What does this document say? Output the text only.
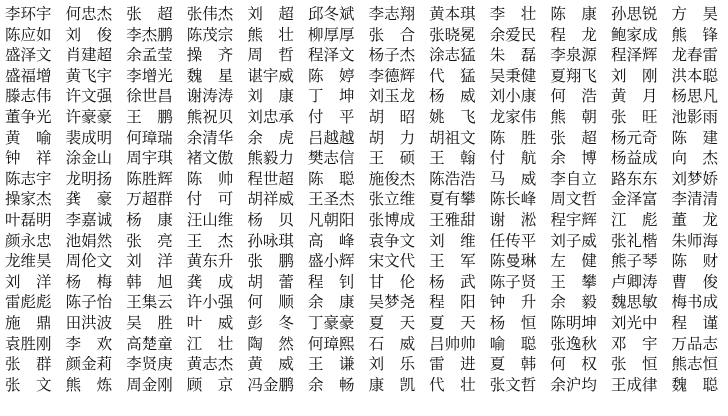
李环宇 何忠杰 张　超 张伟杰 刘　超 邱冬斌 李志翔 黄本琪 李　壮 陈　康 孙思锐 方　昊
陈应如 刘　俊 李杰鹏 陈茂宗 熊　壮 柳厚厚 张　合 张晓冕 余爱民 程　龙 鲍家成 熊　锋
盛泽文 肖建超 余孟莹 操　齐 周　哲 程泽文 杨子杰 涂志猛 朱　磊 李泉源 程泽辉 龙春雷
盛福增 黄飞宇 李增光 魏　星 谌宇威 陈　婷 李德辉 代　猛 吴秉健 夏翔飞 刘　刚 洪本聪
滕志伟 许文强 徐世昌 谢涛涛 刘　康 丁　坤 刘玉龙 杨　威 刘小康 何　浩 黄　月 杨思凡
董争光 许豪豪 王　鹏 熊祝贝 刘忠承 付　平 胡　昭 姚　飞 龙家伟 熊　朝 张　旺 池影雨
黄　喻 裴成明 何璋瑞 余清华 余　虎 吕越越 胡　力 胡祖文 陈　胜 张　超 杨元奇 陈　建
钟　祥 涂金山 周宇琪 褚文傲 熊毅力 樊志信 王　硕 王　翰 付　航 余　博 杨益成 向　杰
陈志宇 龙明扬 陈胜辉 陈　帅 程世超 陈　聪 施俊杰 陈浩浩 马　威 李自立 路东东 刘梦娇
操家杰 龚　豪 万超群 付　可 胡祥威 王圣杰 张立维 夏有攀 陈长峰 周文哲 金泽富 李清清
叶磊明 李嘉诚 杨　康 汪山维 杨　贝 凡朝阳 张博成 王雅甜 谢　淞 程宇辉 江　彪 董　龙
颜永忠 池娟然 张　亮 王　杰 孙咏琪 高　峰 袁争文 刘　维 任传平 刘子威 张礼楷 朱师海
龙维昊 周伦文 刘　洋 黄东升 张　鹏 盛小辉 宋文代 王　军 陈曼琳 左　健 熊子琴 陈　财
刘　洋 杨　梅 韩　旭 龚　成 胡　蕾 程　钊 甘　伦 杨　武 陈子贤 王　攀 卢卿涛 曹　俊
雷彪彪 陈子怡 王集云 许小强 何　顺 余　康 吴梦尧 程　阳 钟　升 余　毅 魏思敏 梅书成
施　鼎 田洪波 吴　胜 叶　威 彭　冬 丁豪豪 夏　天 夏　天 杨　恒 陈明坤 刘光中 程　谨
袁胜刚 李　欢 高楚童 江　壮 陶　然 何璋熙 石　威 吕帅帅 喻　聪 张逸秋 邓　宇 万品志
张　群 颜金莉 李贤庚 黄志杰 黄　威 王　谦 刘　乐 雷　进 夏　韩 何　权 张　恒 熊志恒
张　文 熊　炼 周金刚 顾　京 冯金鹏 余　畅 康　凯 代　壮 张文哲 余沪均 王成律 魏　聪
